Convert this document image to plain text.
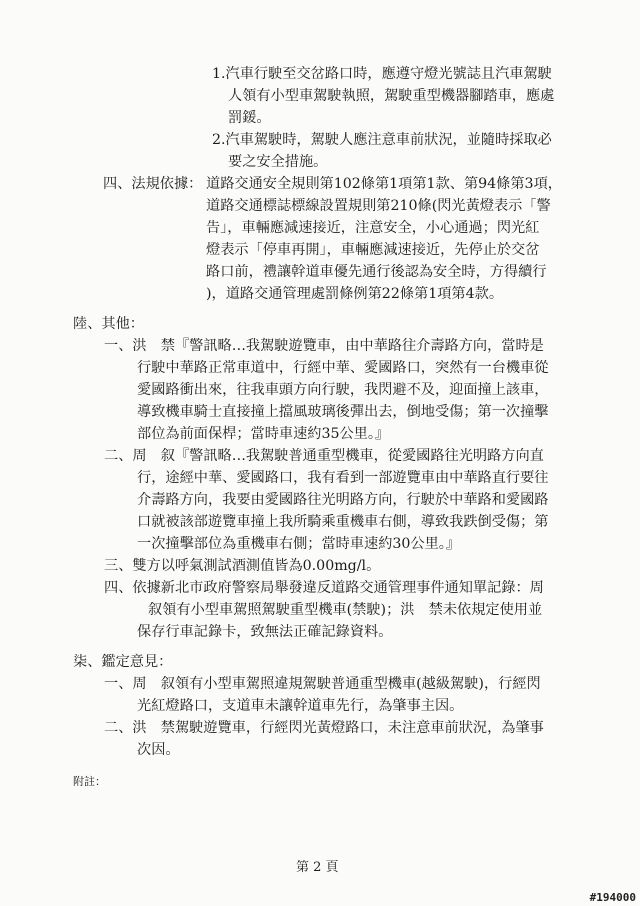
1.汽車行駛至交岔路口時，應遵守燈光號誌且汽車駕駛
人領有小型車駕駛執照，駕駛重型機器腳踏車，應處
罰鍰。
2.汽車駕駛時，駕駛人應注意車前狀況，並隨時採取必
要之安全措施。
四、法規依據： 道路交通安全規則第102條第1項第1款、第94條第3項，
道路交通標誌標線設置規則第210條(閃光黃燈表示「警
告」，車輛應減速接近，注意安全，小心通過；閃光紅
燈表示「停車再開」，車輛應減速接近，先停止於交岔
路口前，禮讓幹道車優先通行後認為安全時，方得續行
)，道路交通管理處罰條例第22條第1項第4款。
陸、其他：
一、洪　禁『警訊略…我駕駛遊覽車，由中華路往介壽路方向，當時是
行駛中華路正常車道中，行經中華、愛國路口，突然有一台機車從
愛國路衝出來，往我車頭方向行駛，我閃避不及，迎面撞上該車，
導致機車騎士直接撞上擋風玻璃後彈出去，倒地受傷；第一次撞擊
部位為前面保桿；當時車速約35公里。』
二、周　叙『警訊略…我駕駛普通重型機車，從愛國路往光明路方向直
行，途經中華、愛國路口，我有看到一部遊覽車由中華路直行要往
介壽路方向，我要由愛國路往光明路方向，行駛於中華路和愛國路
口就被該部遊覽車撞上我所騎乘重機車右側，導致我跌倒受傷；第
一次撞擊部位為重機車右側；當時車速約30公里。』
三、雙方以呼氣測試酒測值皆為0.00mg/l。
四、依據新北市政府警察局舉發違反道路交通管理事件通知單記錄：周
叙領有小型車駕照駕駛重型機車(禁駛)；洪　禁未依規定使用並
保存行車記錄卡，致無法正確記錄資料。
柒、鑑定意見：
一、周　叙領有小型車駕照違規駕駛普通重型機車(越級駕駛)，行經閃
光紅燈路口，支道車未讓幹道車先行，為肇事主因。
二、洪　禁駕駛遊覽車，行經閃光黃燈路口，未注意車前狀況，為肇事
次因。
附註：
第 2 頁
#194000
